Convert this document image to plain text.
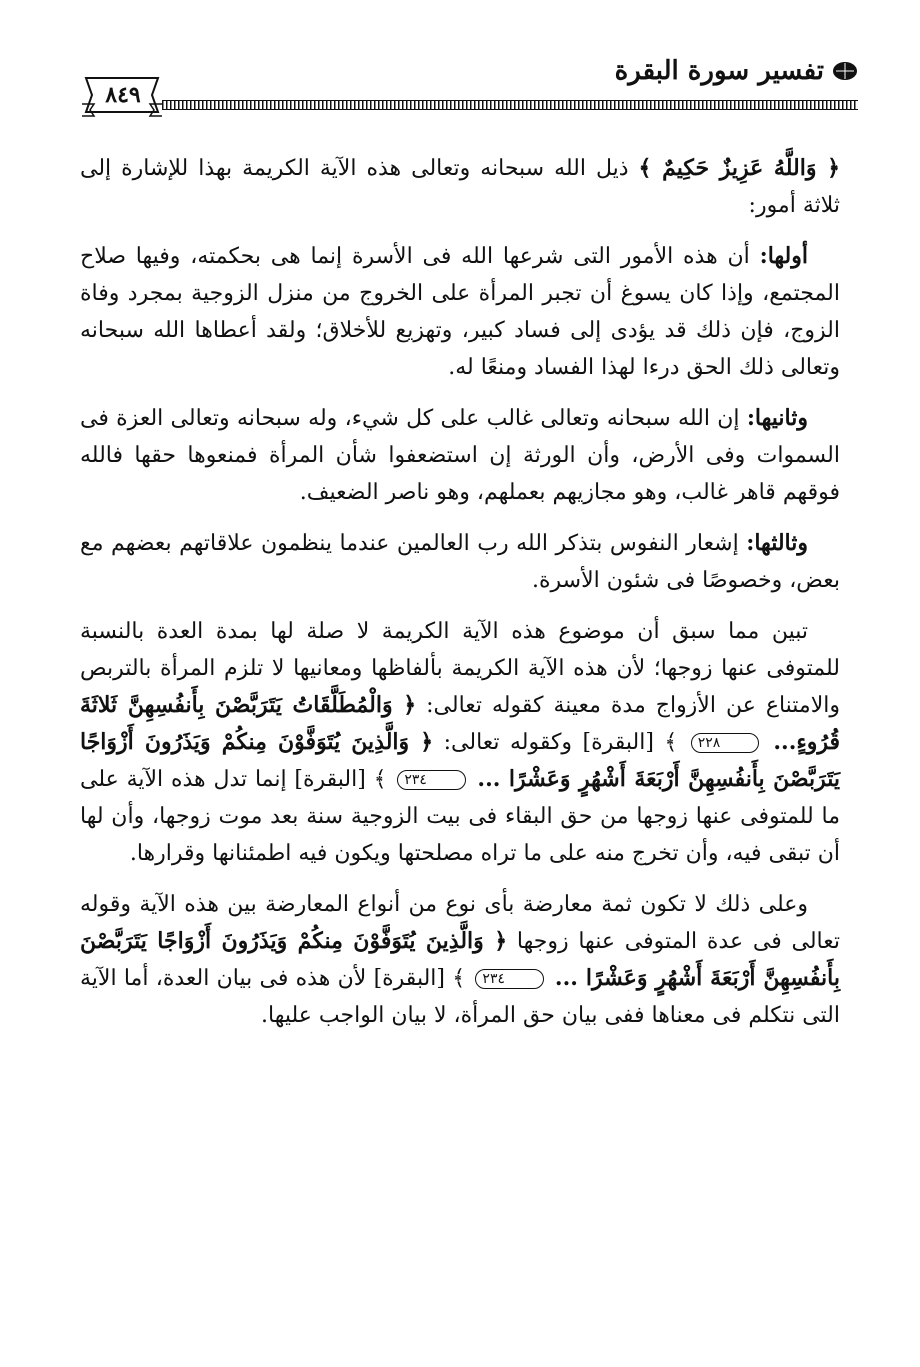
تفسير سورة البقرة
٨٤٩

﴿ وَاللَّهُ عَزِيزٌ حَكِيمٌ ﴾ ذيل الله سبحانه وتعالى هذه الآية الكريمة بهذا للإشارة إلى ثلاثة أمور:

أولها: أن هذه الأمور التى شرعها الله فى الأسرة إنما هى بحكمته، وفيها صلاح المجتمع، وإذا كان يسوغ أن تجبر المرأة على الخروج من منزل الزوجية بمجرد وفاة الزوج، فإن ذلك قد يؤدى إلى فساد كبير، وتهزيع للأخلاق؛ ولقد أعطاها الله سبحانه وتعالى ذلك الحق درءا لهذا الفساد ومنعًا له.

وثانيها: إن الله سبحانه وتعالى غالب على كل شيء، وله سبحانه وتعالى العزة فى السموات وفى الأرض، وأن الورثة إن استضعفوا شأن المرأة فمنعوها حقها فالله فوقهم قاهر غالب، وهو مجازيهم بعملهم، وهو ناصر الضعيف.

وثالثها: إشعار النفوس بتذكر الله رب العالمين عندما ينظمون علاقاتهم بعضهم مع بعض، وخصوصًا فى شئون الأسرة.

تبين مما سبق أن موضوع هذه الآية الكريمة لا صلة لها بمدة العدة بالنسبة للمتوفى عنها زوجها؛ لأن هذه الآية الكريمة بألفاظها ومعانيها لا تلزم المرأة بالتربص والامتناع عن الأزواج مدة معينة كقوله تعالى: ﴿ وَالْمُطَلَّقَاتُ يَتَرَبَّصْنَ بِأَنفُسِهِنَّ ثَلاثَةَ قُرُوءٍ... ٢٢٨ ﴾ [البقرة] وكقوله تعالى: ﴿ وَالَّذِينَ يُتَوَفَّوْنَ مِنكُمْ وَيَذَرُونَ أَزْوَاجًا يَتَرَبَّصْنَ بِأَنفُسِهِنَّ أَرْبَعَةَ أَشْهُرٍ وَعَشْرًا ... ٢٣٤ ﴾ [البقرة] إنما تدل هذه الآية على ما للمتوفى عنها زوجها من حق البقاء فى بيت الزوجية سنة بعد موت زوجها، وأن لها أن تبقى فيه، وأن تخرج منه على ما تراه مصلحتها ويكون فيه اطمئنانها وقرارها.

وعلى ذلك لا تكون ثمة معارضة بأى نوع من أنواع المعارضة بين هذه الآية وقوله تعالى فى عدة المتوفى عنها زوجها ﴿ وَالَّذِينَ يُتَوَفَّوْنَ مِنكُمْ وَيَذَرُونَ أَزْوَاجًا يَتَرَبَّصْنَ بِأَنفُسِهِنَّ أَرْبَعَةَ أَشْهُرٍ وَعَشْرًا ... ٢٣٤ ﴾ [البقرة] لأن هذه فى بيان العدة، أما الآية التى نتكلم فى معناها ففى بيان حق المرأة، لا بيان الواجب عليها.
